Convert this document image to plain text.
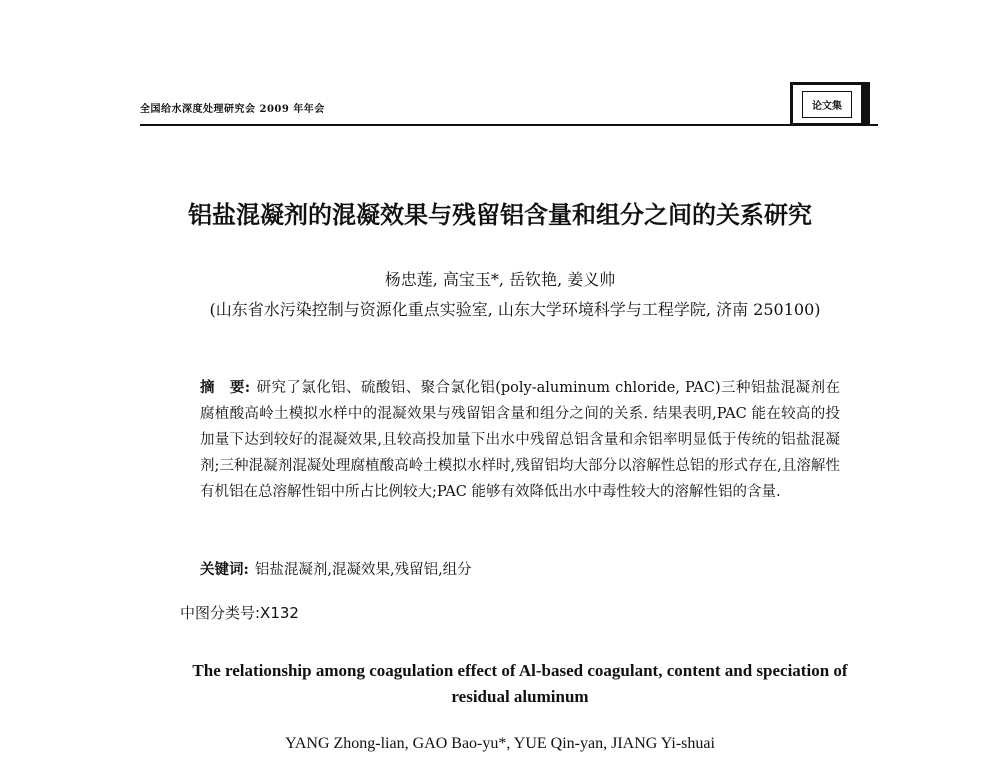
全国给水深度处理研究会 2009 年年会	论文集
铝盐混凝剂的混凝效果与残留铝含量和组分之间的关系研究
杨忠莲, 高宝玉*, 岳钦艳, 姜义帅
(山东省水污染控制与资源化重点实验室, 山东大学环境科学与工程学院, 济南 250100)
摘　要: 研究了氯化铝、硫酸铝、聚合氯化铝(poly-aluminum chloride, PAC)三种铝盐混凝剂在腐植酸高岭土模拟水样中的混凝效果与残留铝含量和组分之间的关系. 结果表明,PAC 能在较高的投加量下达到较好的混凝效果,且较高投加量下出水中残留总铝含量和余铝率明显低于传统的铝盐混凝剂;三种混凝剂混凝处理腐植酸高岭土模拟水样时,残留铝均大部分以溶解性总铝的形式存在,且溶解性有机铝在总溶解性铝中所占比例较大;PAC 能够有效降低出水中毒性较大的溶解性铝的含量.
关键词: 铝盐混凝剂,混凝效果,残留铝,组分
中图分类号:X132
The relationship among coagulation effect of Al-based coagulant, content and speciation of residual aluminum
YANG Zhong-lian, GAO Bao-yu*, YUE Qin-yan, JIANG Yi-shuai
